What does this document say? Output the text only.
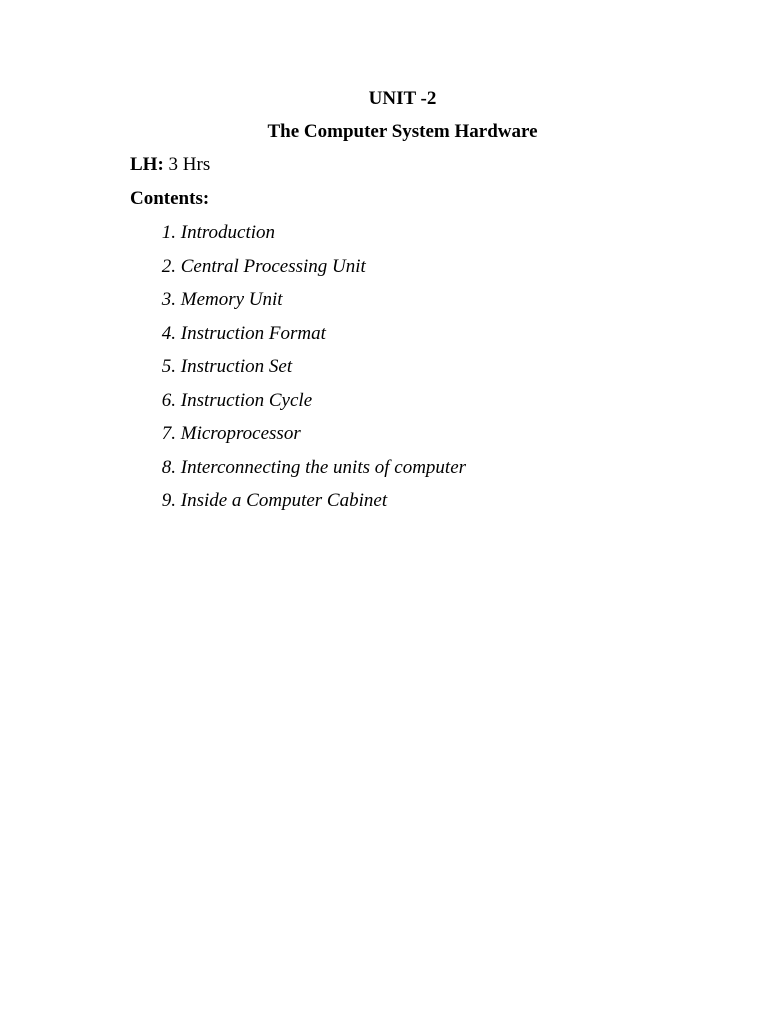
UNIT -2
The Computer System Hardware
LH: 3 Hrs
Contents:
1. Introduction
2. Central Processing Unit
3. Memory Unit
4. Instruction Format
5. Instruction Set
6. Instruction Cycle
7. Microprocessor
8. Interconnecting the units of computer
9. Inside a Computer Cabinet
